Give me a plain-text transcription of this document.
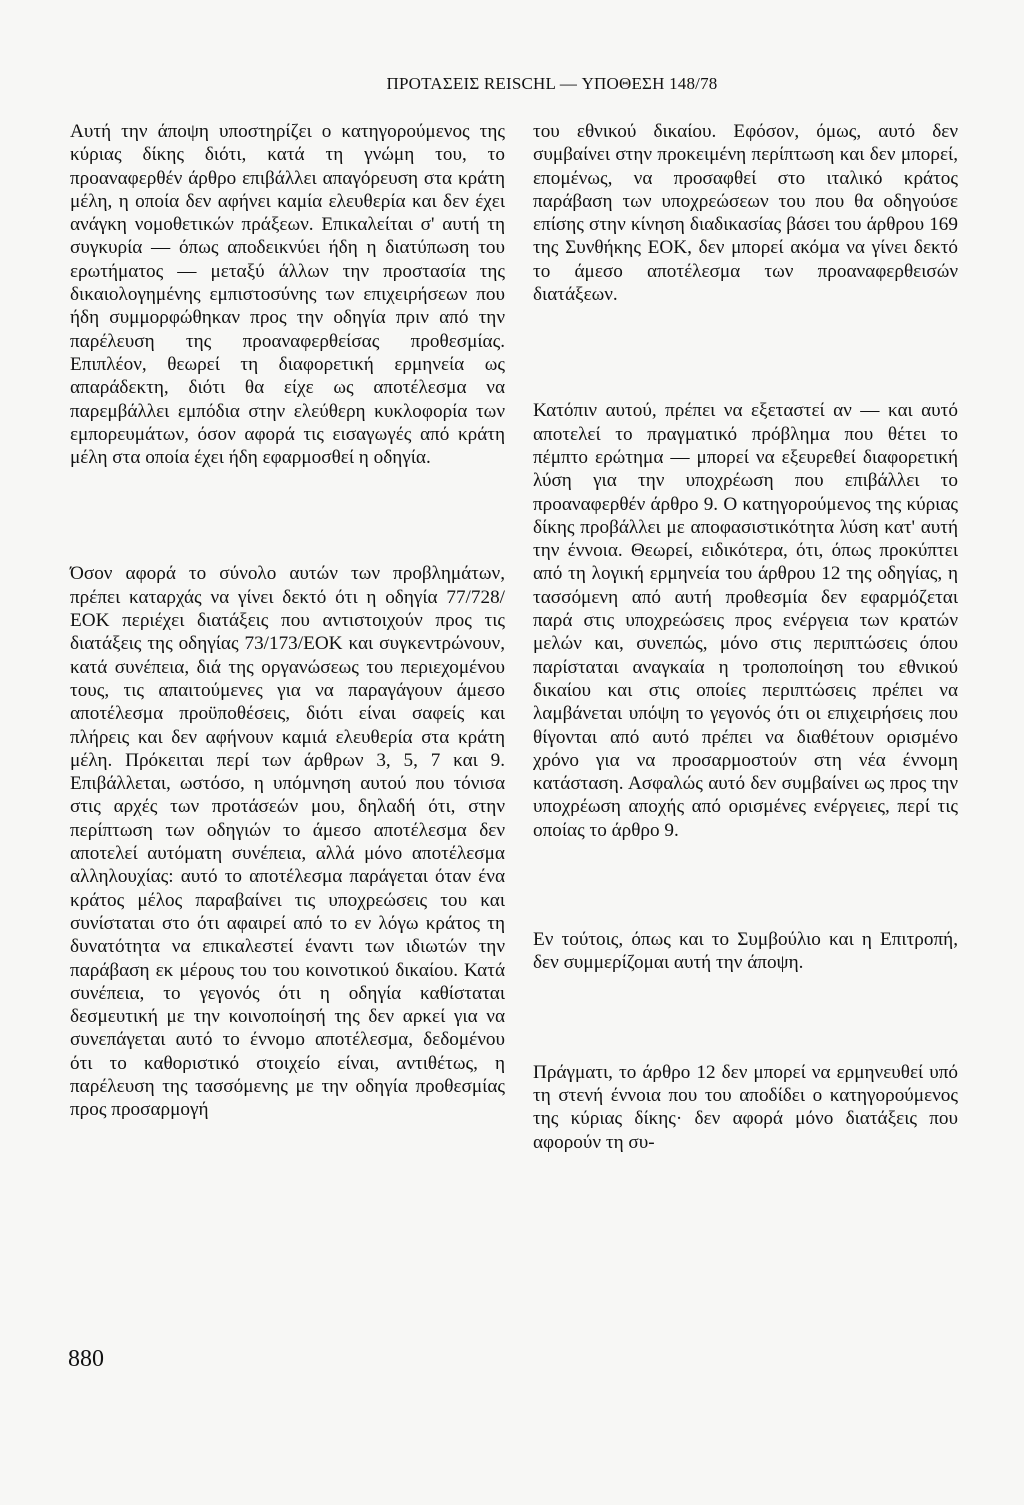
ΠΡΟΤΑΣΕΙΣ REISCHL — ΥΠΟΘΕΣΗ 148/78

Αυτή την άποψη υποστηρίζει ο κατηγορούμενος της κύριας δίκης διότι, κατά τη γνώμη του, το προαναφερθέν άρθρο επιβάλλει απαγόρευση στα κράτη μέλη, η οποία δεν αφήνει καμία ελευθερία και δεν έχει ανάγκη νομοθετικών πράξεων. Επικαλείται σ' αυτή τη συγκυρία — όπως αποδεικνύει ήδη η διατύπωση του ερωτήματος — μεταξύ άλλων την προστασία της δικαιολογημένης εμπιστοσύνης των επιχειρήσεων που ήδη συμμορφώθηκαν προς την οδηγία πριν από την παρέλευση της προαναφερθείσας προθεσμίας. Επιπλέον, θεωρεί τη διαφορετική ερμηνεία ως απαράδεκτη, διότι θα είχε ως αποτέλεσμα να παρεμβάλλει εμπόδια στην ελεύθερη κυκλοφορία των εμπορευμάτων, όσον αφορά τις εισαγωγές από κράτη μέλη στα οποία έχει ήδη εφαρμοσθεί η οδηγία.

Όσον αφορά το σύνολο αυτών των προβλημάτων, πρέπει καταρχάς να γίνει δεκτό ότι η οδηγία 77/728/ΕΟΚ περιέχει διατάξεις που αντιστοιχούν προς τις διατάξεις της οδηγίας 73/173/ΕΟΚ και συγκεντρώνουν, κατά συνέπεια, διά της οργανώσεως του περιεχομένου τους, τις απαιτούμενες για να παραγάγουν άμεσο αποτέλεσμα προϋποθέσεις, διότι είναι σαφείς και πλήρεις και δεν αφήνουν καμιά ελευθερία στα κράτη μέλη. Πρόκειται περί των άρθρων 3, 5, 7 και 9. Επιβάλλεται, ωστόσο, η υπόμνηση αυτού που τόνισα στις αρχές των προτάσεών μου, δηλαδή ότι, στην περίπτωση των οδηγιών το άμεσο αποτέλεσμα δεν αποτελεί αυτόματη συνέπεια, αλλά μόνο αποτέλεσμα αλληλουχίας: αυτό το αποτέλεσμα παράγεται όταν ένα κράτος μέλος παραβαίνει τις υποχρεώσεις του και συνίσταται στο ότι αφαιρεί από το εν λόγω κράτος τη δυνατότητα να επικαλεστεί έναντι των ιδιωτών την παράβαση εκ μέρους του του κοινοτικού δικαίου. Κατά συνέπεια, το γεγονός ότι η οδηγία καθίσταται δεσμευτική με την κοινοποίησή της δεν αρκεί για να συνεπάγεται αυτό το έννομο αποτέλεσμα, δεδομένου ότι το καθοριστικό στοιχείο είναι, αντιθέτως, η παρέλευση της τασσόμενης με την οδηγία προθεσμίας προς προσαρμογή

του εθνικού δικαίου. Εφόσον, όμως, αυτό δεν συμβαίνει στην προκειμένη περίπτωση και δεν μπορεί, επομένως, να προσαφθεί στο ιταλικό κράτος παράβαση των υποχρεώσεων του που θα οδηγούσε επίσης στην κίνηση διαδικασίας βάσει του άρθρου 169 της Συνθήκης ΕΟΚ, δεν μπορεί ακόμα να γίνει δεκτό το άμεσο αποτέλεσμα των προαναφερθεισών διατάξεων.

Κατόπιν αυτού, πρέπει να εξεταστεί αν — και αυτό αποτελεί το πραγματικό πρόβλημα που θέτει το πέμπτο ερώτημα — μπορεί να εξευρεθεί διαφορετική λύση για την υποχρέωση που επιβάλλει το προαναφερθέν άρθρο 9. Ο κατηγορούμενος της κύριας δίκης προβάλλει με αποφασιστικότητα λύση κατ' αυτή την έννοια. Θεωρεί, ειδικότερα, ότι, όπως προκύπτει από τη λογική ερμηνεία του άρθρου 12 της οδηγίας, η τασσόμενη από αυτή προθεσμία δεν εφαρμόζεται παρά στις υποχρεώσεις προς ενέργεια των κρατών μελών και, συνεπώς, μόνο στις περιπτώσεις όπου παρίσταται αναγκαία η τροποποίηση του εθνικού δικαίου και στις οποίες περιπτώσεις πρέπει να λαμβάνεται υπόψη το γεγονός ότι οι επιχειρήσεις που θίγονται από αυτό πρέπει να διαθέτουν ορισμένο χρόνο για να προσαρμοστούν στη νέα έννομη κατάσταση. Ασφαλώς αυτό δεν συμβαίνει ως προς την υποχρέωση αποχής από ορισμένες ενέργειες, περί τις οποίας το άρθρο 9.

Εν τούτοις, όπως και το Συμβούλιο και η Επιτροπή, δεν συμμερίζομαι αυτή την άποψη.

Πράγματι, το άρθρο 12 δεν μπορεί να ερμηνευθεί υπό τη στενή έννοια που του αποδίδει ο κατηγορούμενος της κύριας δίκης· δεν αφορά μόνο διατάξεις που αφορούν τη συ-

880
